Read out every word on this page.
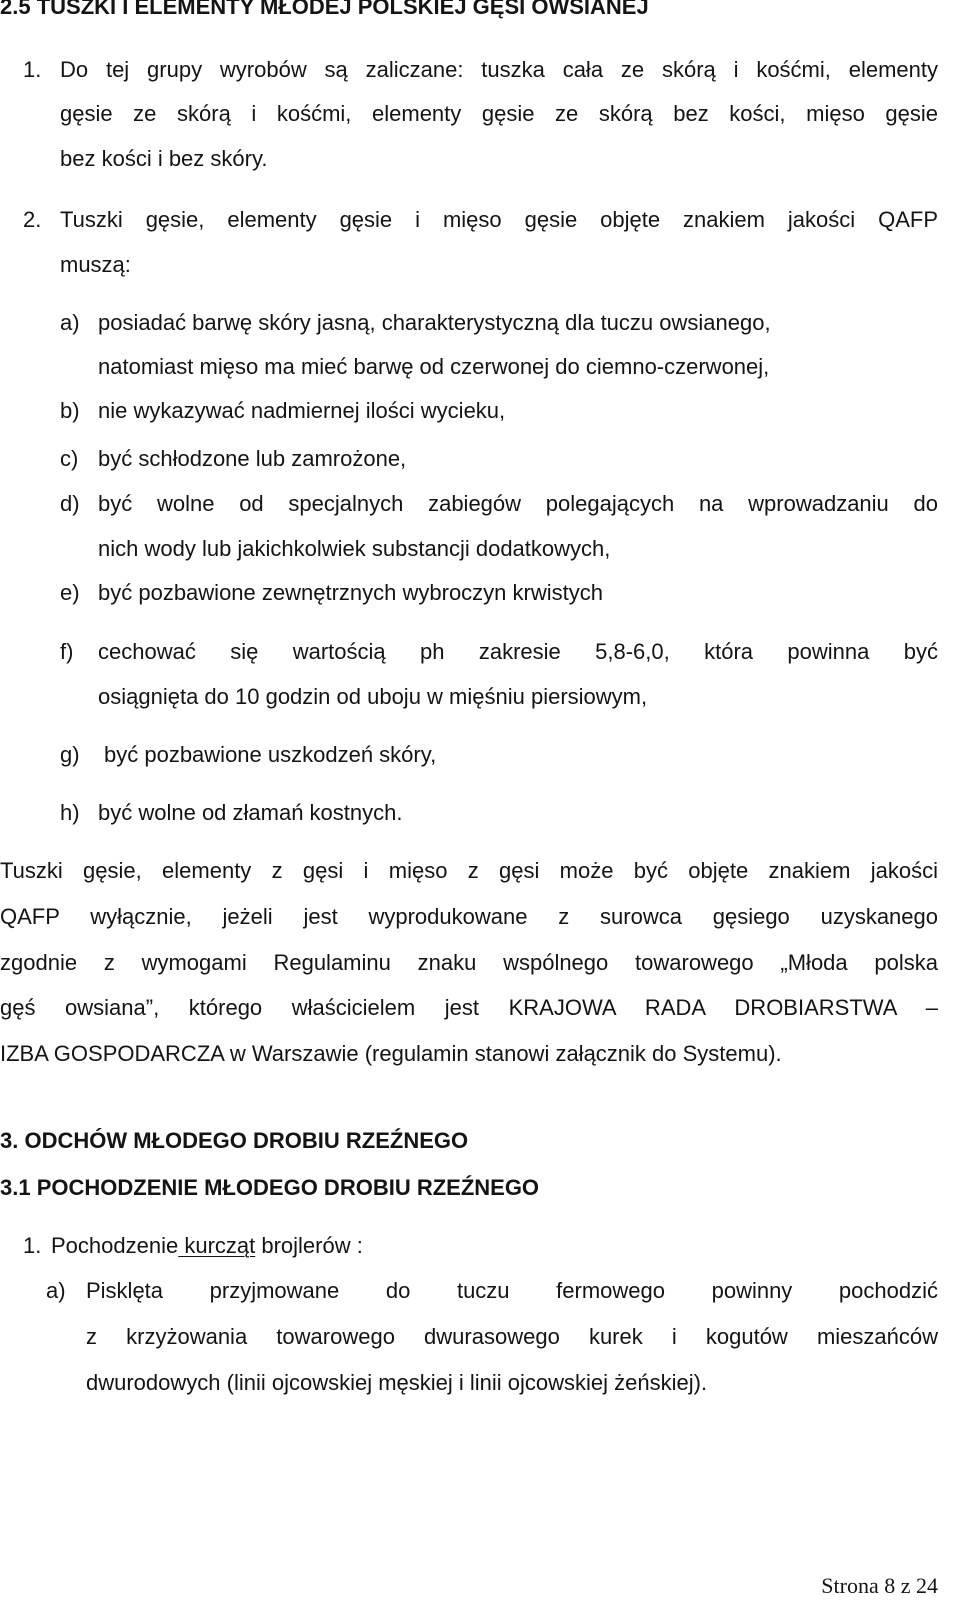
2.5 TUSZKI I ELEMENTY MŁODEJ POLSKIEJ GĘSI OWSIANEJ
1. Do tej grupy wyrobów są zaliczane: tuszka cała ze skórą i kośćmi, elementy
gęsie ze skórą i kośćmi, elementy gęsie ze skórą bez kości, mięso gęsie
bez kości i bez skóry.
2. Tuszki gęsie, elementy gęsie i mięso gęsie objęte znakiem jakości QAFP
muszą:
a) posiadać barwę skóry jasną, charakterystyczną dla tuczu owsianego,
natomiast mięso ma mieć barwę od czerwonej do ciemno-czerwonej,
b) nie wykazywać nadmiernej ilości wycieku,
c) być schłodzone lub zamrożone,
d) być wolne od specjalnych zabiegów polegających na wprowadzaniu do
nich wody lub jakichkolwiek substancji dodatkowych,
e) być pozbawione zewnętrznych wybroczyn krwistych
f) cechować się wartością ph zakresie 5,8-6,0, która powinna być
osiągnięta do 10 godzin od uboju w mięśniu piersiowym,
g) być pozbawione uszkodzeń skóry,
h) być wolne od złamań kostnych.
Tuszki gęsie, elementy z gęsi i mięso z gęsi może być objęte znakiem jakości
QAFP wyłącznie, jeżeli jest wyprodukowane z surowca gęsiego uzyskanego
zgodnie z wymogami Regulaminu znaku wspólnego towarowego „Młoda polska
gęś owsiana”, którego właścicielem jest KRAJOWA RADA DROBIARSTWA –
IZBA GOSPODARCZA w Warszawie (regulamin stanowi załącznik do Systemu).
3. ODCHÓW MŁODEGO DROBIU RZEŹNEGO
3.1 POCHODZENIE MŁODEGO DROBIU RZEŹNEGO
1. Pochodzenie kurcząt brojlerów :
a) Pisklęta przyjmowane do tuczu fermowego powinny pochodzić
z krzyżowania towarowego dwurasowego kurek i kogutów mieszańców
dwurodowych (linii ojcowskiej męskiej i linii ojcowskiej żeńskiej).
Strona 8 z 24
